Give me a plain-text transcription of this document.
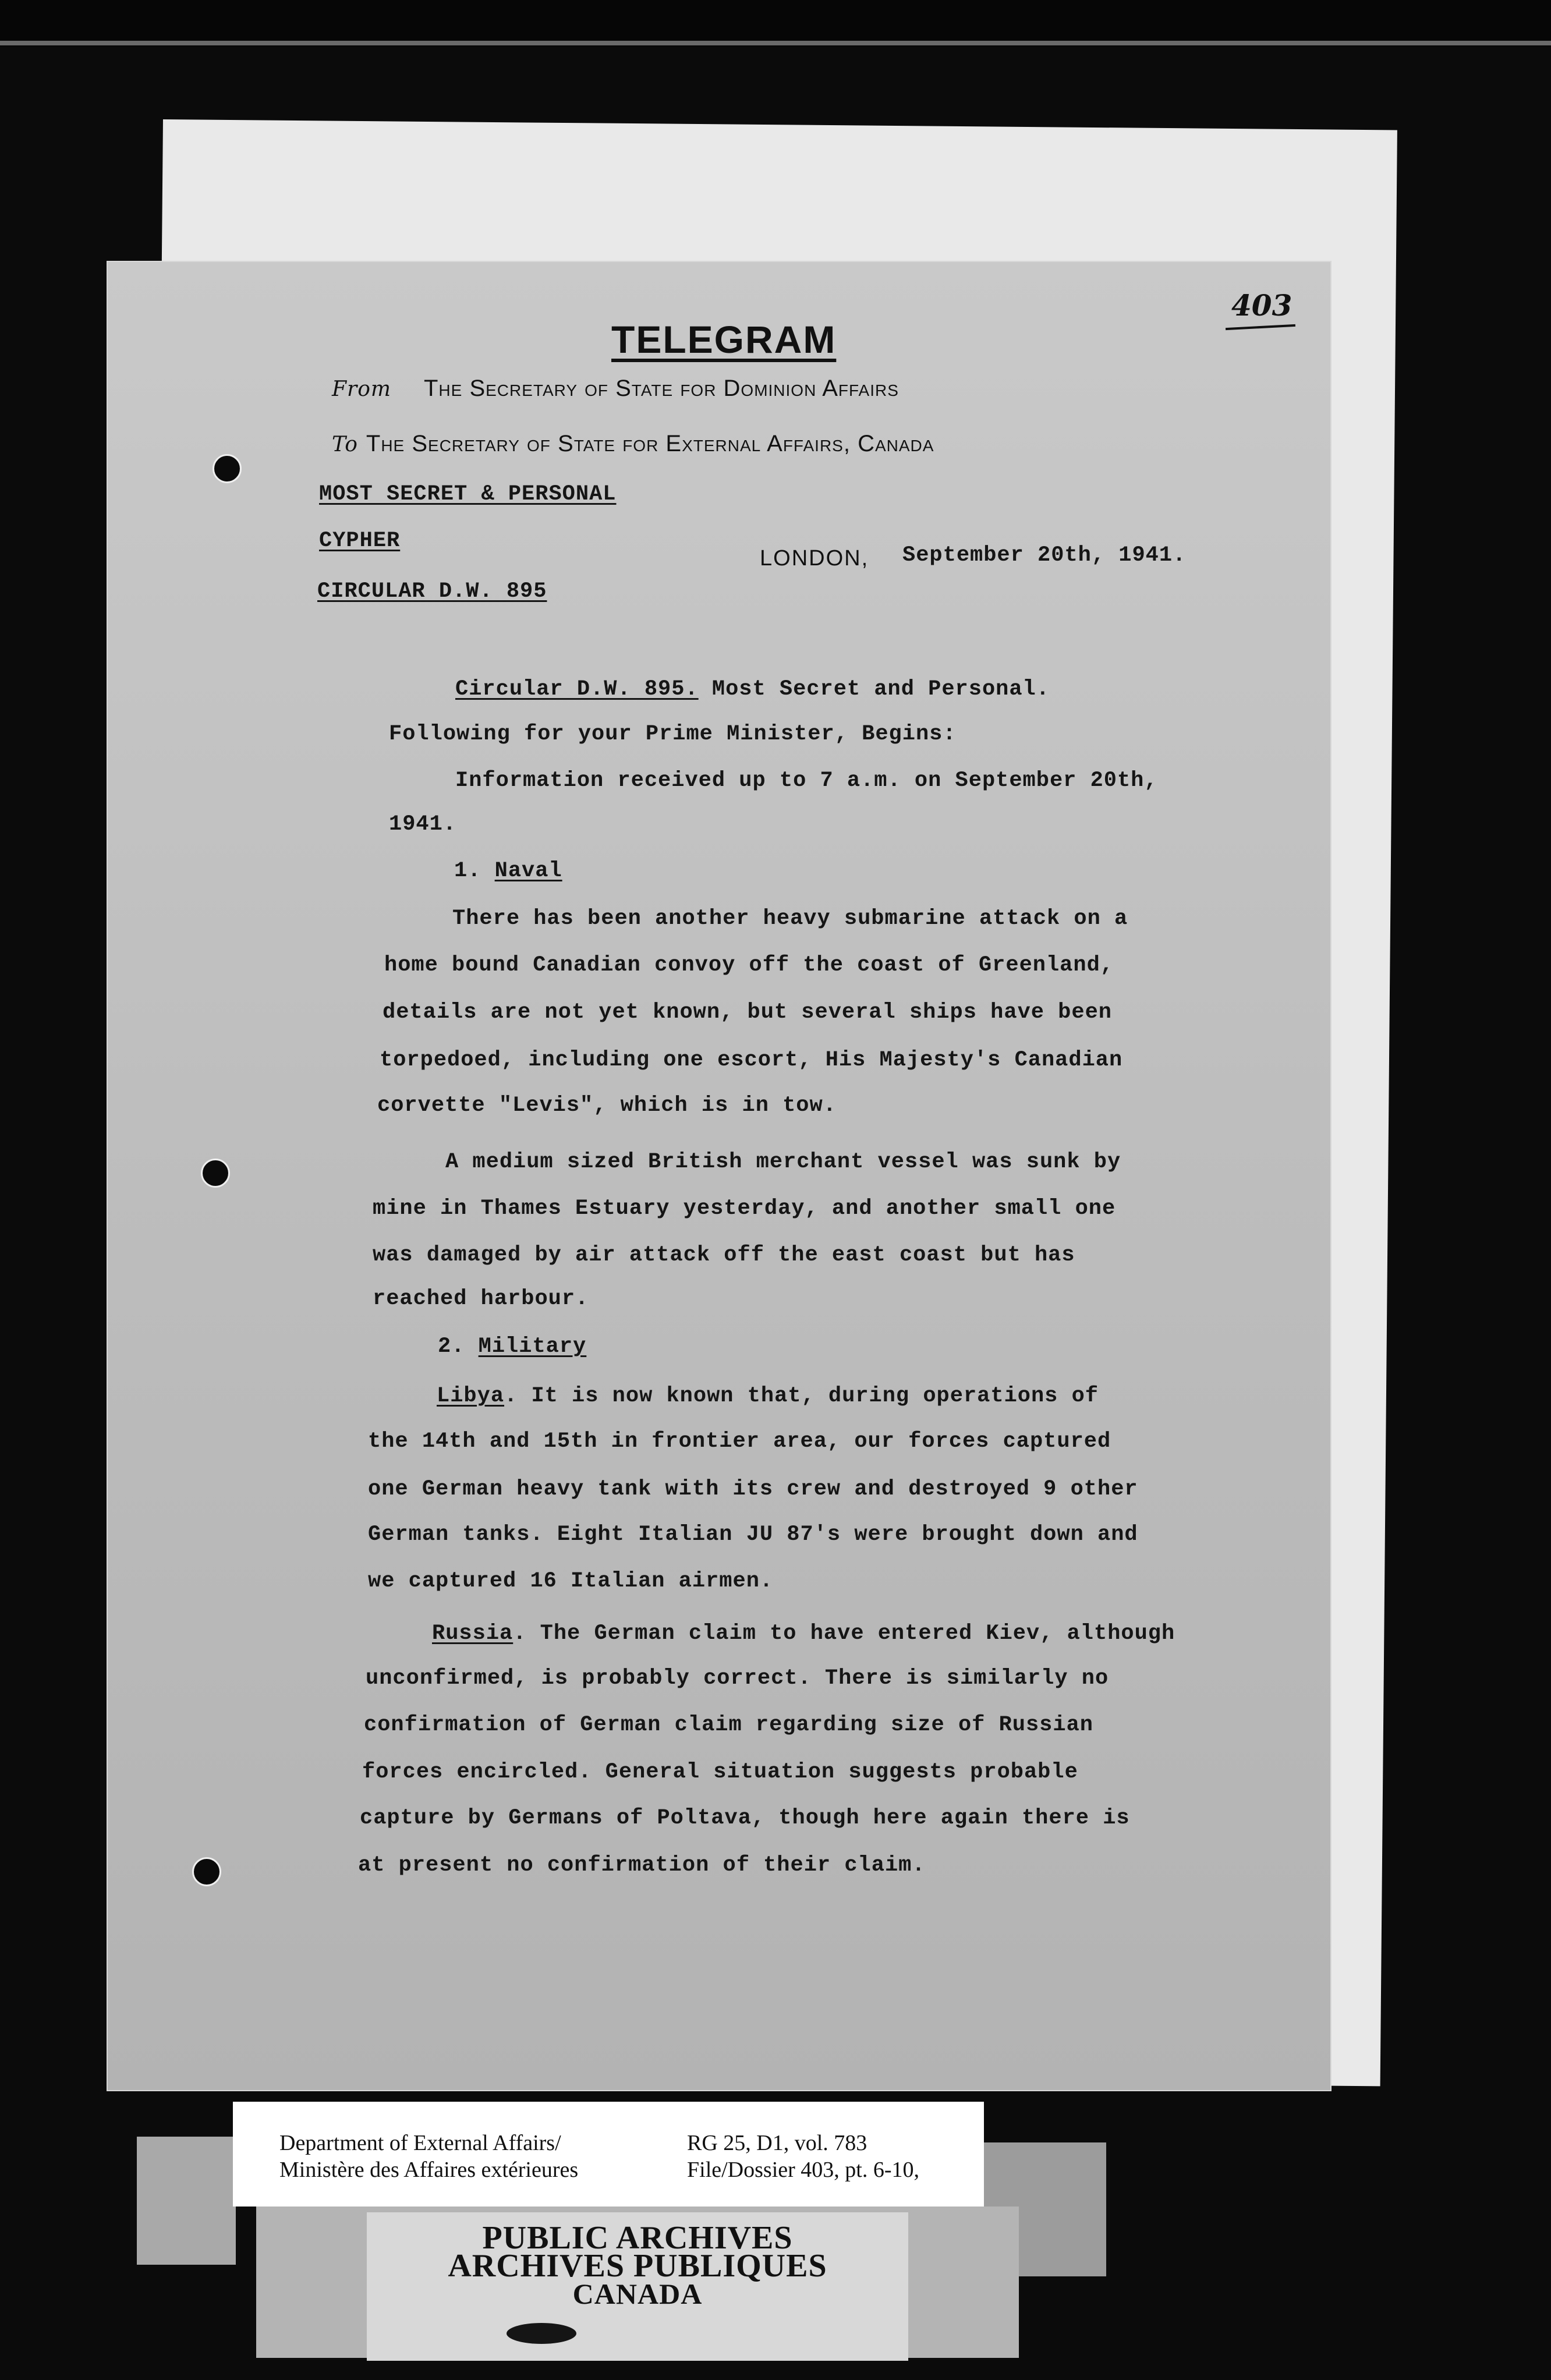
403
TELEGRAM
From The Secretary of State for Dominion Affairs
To The Secretary of State for External Affairs, Canada
MOST SECRET & PERSONAL
CYPHER
CIRCULAR D.W. 895
LONDON, September 20th, 1941.
Circular D.W. 895. Most Secret and Personal.
Following for your Prime Minister, Begins:
Information received up to 7 a.m. on September 20th,
1941.
1. Naval
There has been another heavy submarine attack on a
home bound Canadian convoy off the coast of Greenland,
details are not yet known, but several ships have been
torpedoed, including one escort, His Majesty's Canadian
corvette "Levis", which is in tow.
A medium sized British merchant vessel was sunk by
mine in Thames Estuary yesterday, and another small one
was damaged by air attack off the east coast but has
reached harbour.
2. Military
Libya. It is now known that, during operations of
the 14th and 15th in frontier area, our forces captured
one German heavy tank with its crew and destroyed 9 other
German tanks. Eight Italian JU 87's were brought down and
we captured 16 Italian airmen.
Russia. The German claim to have entered Kiev, although
unconfirmed, is probably correct. There is similarly no
confirmation of German claim regarding size of Russian
forces encircled. General situation suggests probable
capture by Germans of Poltava, though here again there is
at present no confirmation of their claim.
Department of External Affairs/
Ministère des Affaires extérieures
RG 25, D1, vol. 783
File/Dossier 403, pt. 6-10,
PUBLIC ARCHIVES
ARCHIVES PUBLIQUES
CANADA
